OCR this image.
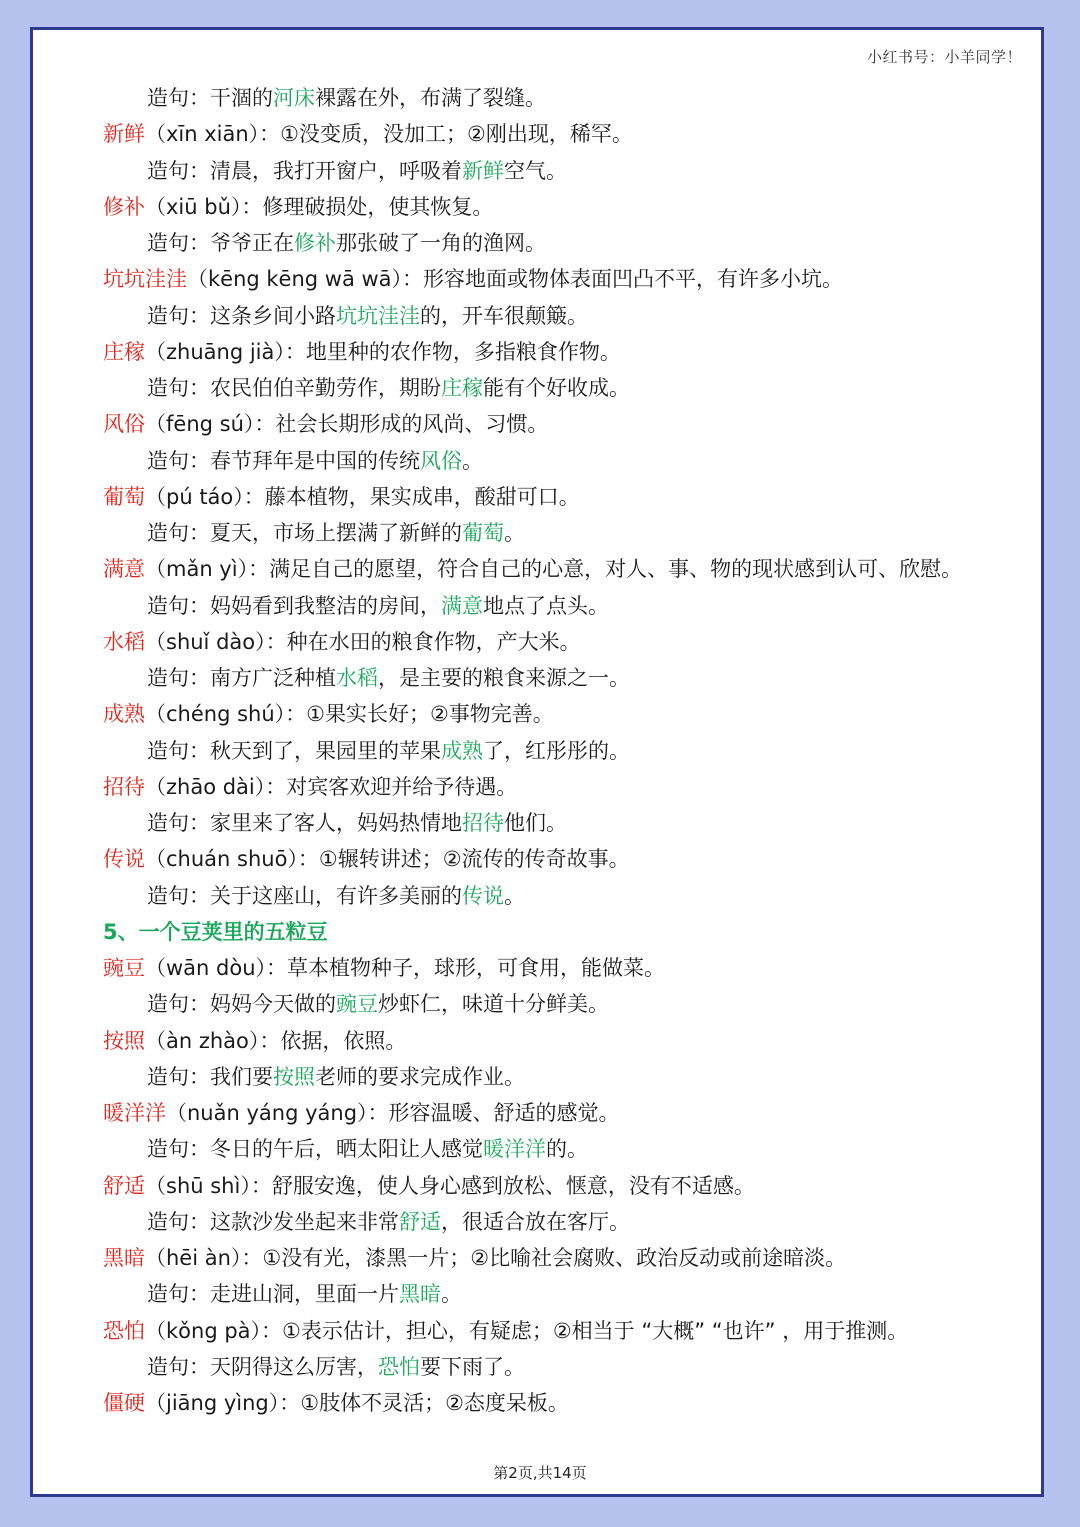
小红书号：小羊同学！
造句：干涸的河床裸露在外，布满了裂缝。
新鲜（xīn xiān）：①没变质，没加工；②刚出现，稀罕。
造句：清晨，我打开窗户，呼吸着新鲜空气。
修补（xiū bǔ）：修理破损处，使其恢复。
造句：爷爷正在修补那张破了一角的渔网。
坑坑洼洼（kēng kēng wā wā）：形容地面或物体表面凹凸不平，有许多小坑。
造句：这条乡间小路坑坑洼洼的，开车很颠簸。
庄稼（zhuāng jià）：地里种的农作物，多指粮食作物。
造句：农民伯伯辛勤劳作，期盼庄稼能有个好收成。
风俗（fēng sú）：社会长期形成的风尚、习惯。
造句：春节拜年是中国的传统风俗。
葡萄（pú táo）：藤本植物，果实成串，酸甜可口。
造句：夏天，市场上摆满了新鲜的葡萄。
满意（mǎn yì）：满足自己的愿望，符合自己的心意，对人、事、物的现状感到认可、欣慰。
造句：妈妈看到我整洁的房间，满意地点了点头。
水稻（shuǐ dào）：种在水田的粮食作物，产大米。
造句：南方广泛种植水稻，是主要的粮食来源之一。
成熟（chéng shú）：①果实长好；②事物完善。
造句：秋天到了，果园里的苹果成熟了，红彤彤的。
招待（zhāo dài）：对宾客欢迎并给予待遇。
造句：家里来了客人，妈妈热情地招待他们。
传说（chuán shuō）：①辗转讲述；②流传的传奇故事。
造句：关于这座山，有许多美丽的传说。
5、一个豆荚里的五粒豆
豌豆（wān dòu）：草本植物种子，球形，可食用，能做菜。
造句：妈妈今天做的豌豆炒虾仁，味道十分鲜美。
按照（àn zhào）：依据，依照。
造句：我们要按照老师的要求完成作业。
暖洋洋（nuǎn yáng yáng）：形容温暖、舒适的感觉。
造句：冬日的午后，晒太阳让人感觉暖洋洋的。
舒适（shū shì）：舒服安逸，使人身心感到放松、惬意，没有不适感。
造句：这款沙发坐起来非常舒适，很适合放在客厅。
黑暗（hēi àn）：①没有光，漆黑一片；②比喻社会腐败、政治反动或前途暗淡。
造句：走进山洞，里面一片黑暗。
恐怕（kǒng pà）：①表示估计，担心，有疑虑；②相当于 “大概” “也许” ，用于推测。
造句：天阴得这么厉害，恐怕要下雨了。
僵硬（jiāng yìng）：①肢体不灵活；②态度呆板。
第2页,共14页
